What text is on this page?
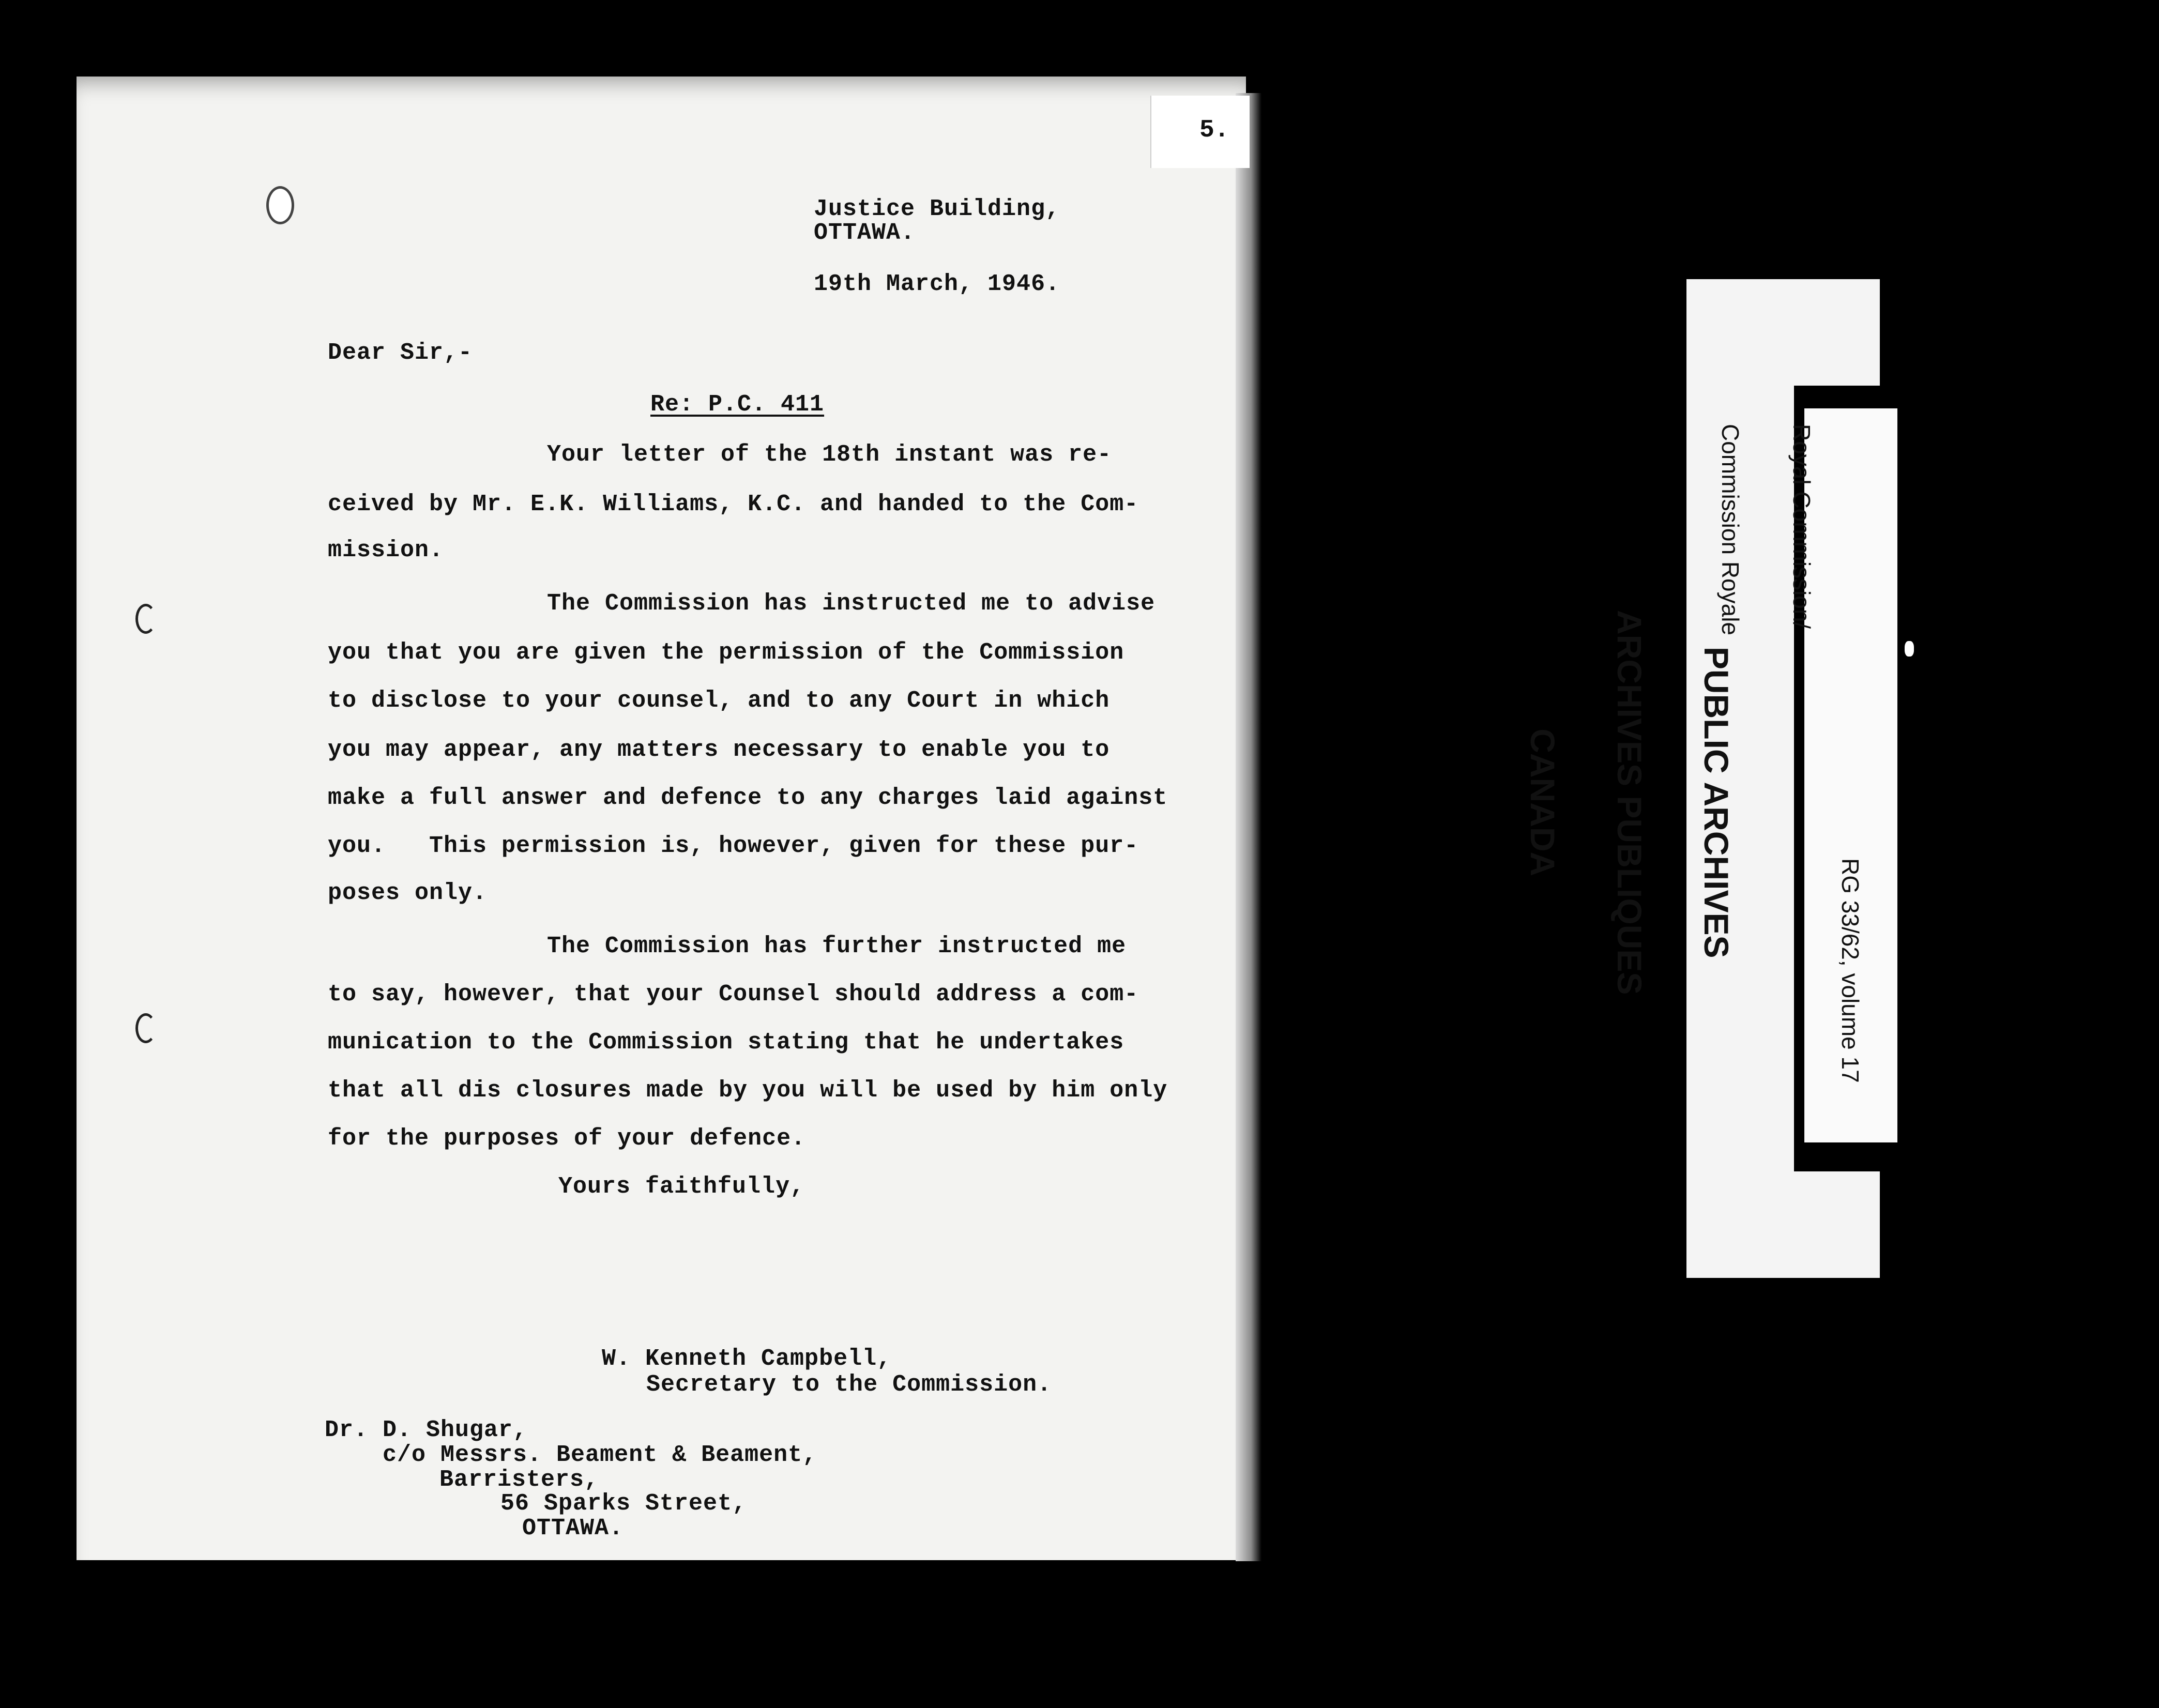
5.
Justice Building,
OTTAWA.
19th March, 1946.
Dear Sir,-
Re: P.C. 411
Your letter of the 18th instant was re-
ceived by Mr. E.K. Williams, K.C. and handed to the Com-
mission.
The Commission has instructed me to advise
you that you are given the permission of the Commission
to disclose to your counsel, and to any Court in which
you may appear, any matters necessary to enable you to
make a full answer and defence to any charges laid against
you.   This permission is, however, given for these pur-
poses only.
The Commission has further instructed me
to say, however, that your Counsel should address a com-
munication to the Commission stating that he undertakes
that all dis closures made by you will be used by him only
for the purposes of your defence.
Yours faithfully,
W. Kenneth Campbell,
Secretary to the Commission.
Dr. D. Shugar,
c/o Messrs. Beament & Beament,
Barristers,
56 Sparks Street,
OTTAWA.

PUBLIC ARCHIVES

ARCHIVES PUBLIQUES

CANADA

Royal Commission/

Commission Royale

RG 33/62, volume 17
